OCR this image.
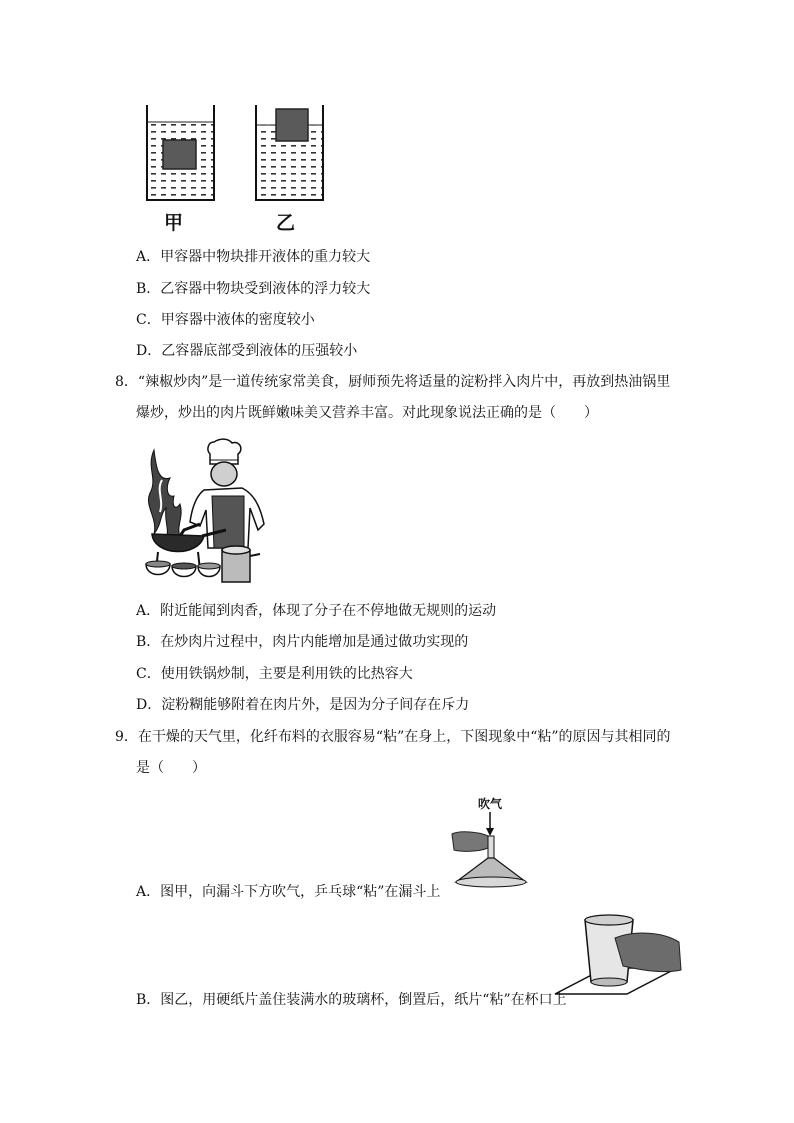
甲	乙
A．甲容器中物块排开液体的重力较大
B．乙容器中物块受到液体的浮力较大
C．甲容器中液体的密度较小
D．乙容器底部受到液体的压强较小
8．“辣椒炒肉”是一道传统家常美食，厨师预先将适量的淀粉拌入肉片中，再放到热油锅里
爆炒，炒出的肉片既鲜嫩味美又营养丰富。对此现象说法正确的是（　　）
A．附近能闻到肉香，体现了分子在不停地做无规则的运动
B．在炒肉片过程中，肉片内能增加是通过做功实现的
C．使用铁锅炒制，主要是利用铁的比热容大
D．淀粉糊能够附着在肉片外，是因为分子间存在斥力
9．在干燥的天气里，化纤布料的衣服容易“粘”在身上，下图现象中“粘”的原因与其相同的
是（　　）
吹气
A．图甲，向漏斗下方吹气，乒乓球“粘”在漏斗上
B．图乙，用硬纸片盖住装满水的玻璃杯，倒置后，纸片“粘”在杯口上
